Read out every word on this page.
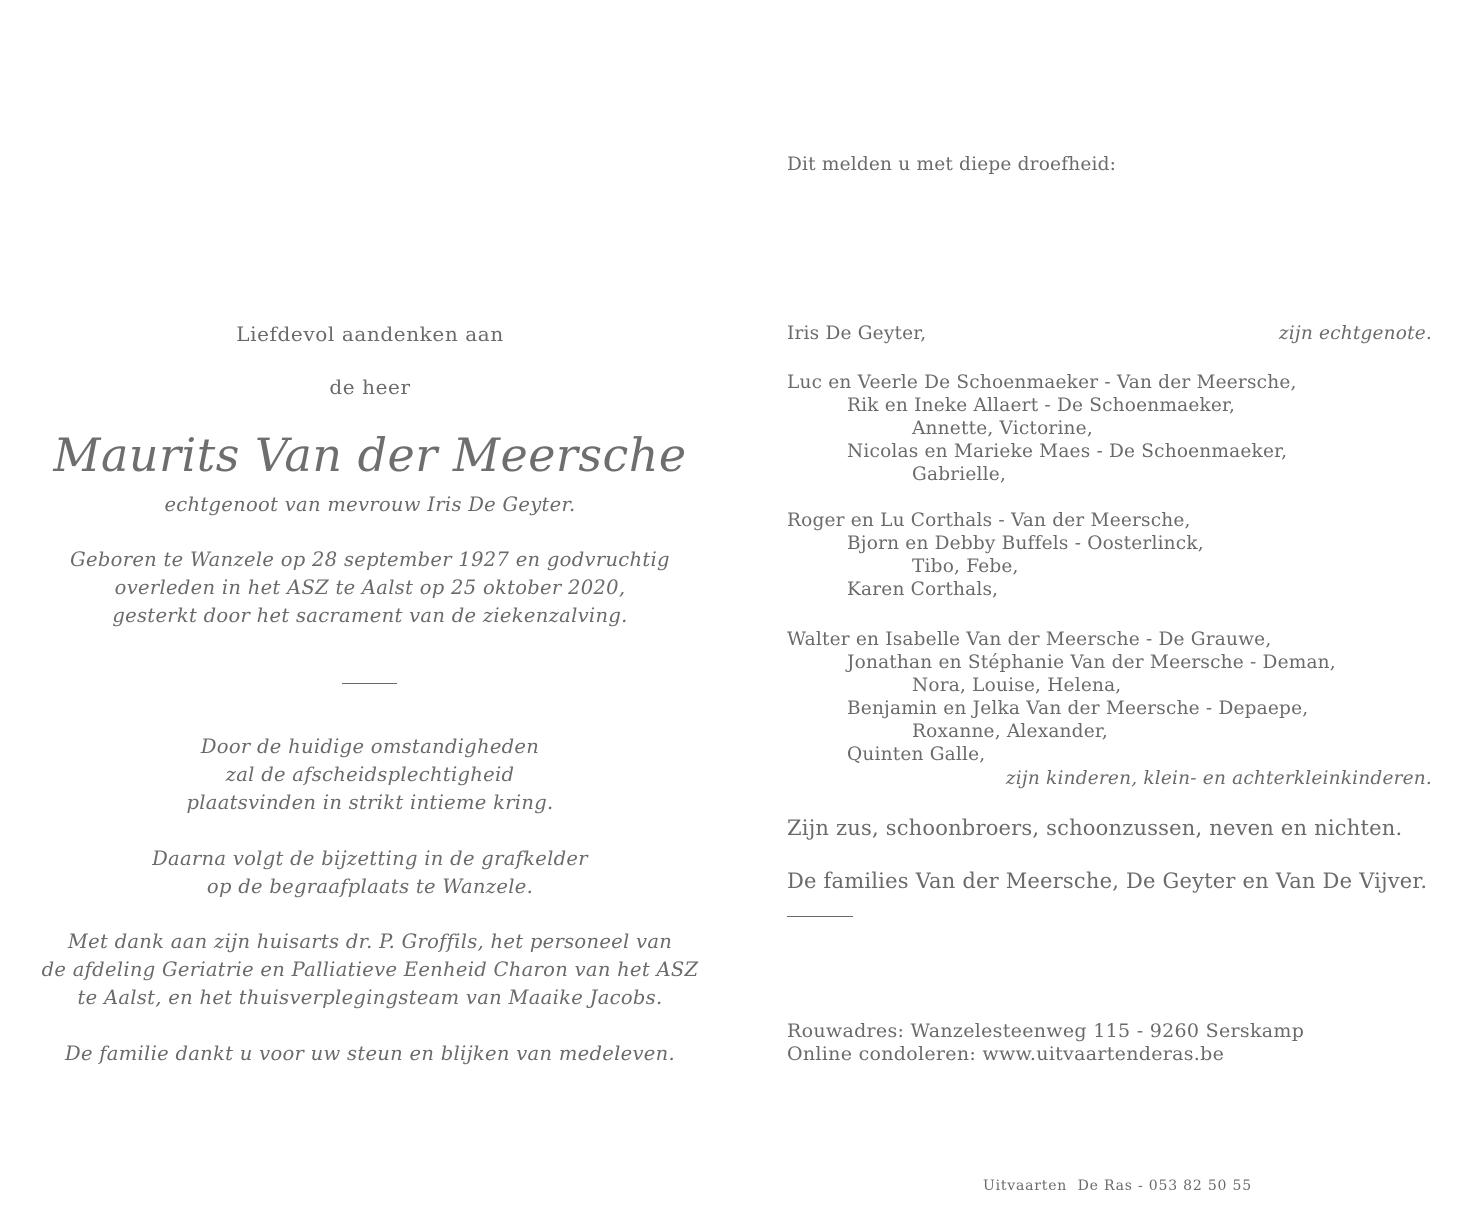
Liefdevol aandenken aan

de heer

Maurits Van der Meersche

echtgenoot van mevrouw Iris De Geyter.

Geboren te Wanzele op 28 september 1927 en godvruchtig

overleden in het ASZ te Aalst op 25 oktober 2020,

gesterkt door het sacrament van de ziekenzalving.

Door de huidige omstandigheden

zal de afscheidsplechtigheid

plaatsvinden in strikt intieme kring.

Daarna volgt de bijzetting in de grafkelder

op de begraafplaats te Wanzele.

Met dank aan zijn huisarts dr. P. Groffils, het personeel van

de afdeling Geriatrie en Palliatieve Eenheid Charon van het ASZ

te Aalst, en het thuisverplegingsteam van Maaike Jacobs.

De familie dankt u voor uw steun en blijken van medeleven.

Dit melden u met diepe droefheid:
Iris De Geyter,	zijn echtgenote.
Luc en Veerle De Schoenmaeker - Van der Meersche,
Rik en Ineke Allaert - De Schoenmaeker,
Annette, Victorine,
Nicolas en Marieke Maes - De Schoenmaeker,
Gabrielle,
Roger en Lu Corthals - Van der Meersche,
Bjorn en Debby Buffels - Oosterlinck,
Tibo, Febe,
Karen Corthals,
Walter en Isabelle Van der Meersche - De Grauwe,
Jonathan en Stéphanie Van der Meersche - Deman,
Nora, Louise, Helena,
Benjamin en Jelka Van der Meersche - Depaepe,
Roxanne, Alexander,
Quinten Galle,
zijn kinderen, klein- en achterkleinkinderen.
Zijn zus, schoonbroers, schoonzussen, neven en nichten.
De families Van der Meersche, De Geyter en Van De Vijver.
Rouwadres: Wanzelesteenweg 115 - 9260 Serskamp
Online condoleren: www.uitvaartenderas.be
Uitvaarten  De Ras - 053 82 50 55
